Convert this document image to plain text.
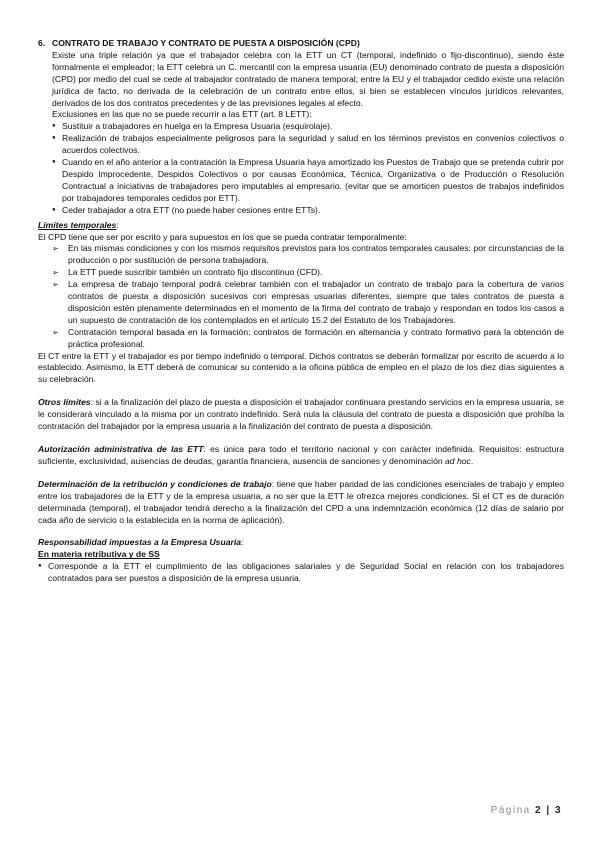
6. CONTRATO DE TRABAJO Y CONTRATO DE PUESTA A DISPOSICIÓN (CPD)
Existe una triple relación ya que el trabajador celebra con la ETT un CT (temporal, indefinido o fijo-discontinuo), siendo éste formalmente el empleador; la ETT celebra un C. mercantil con la empresa usuaria (EU) denominado contrato de puesta a disposición (CPD) por medio del cual se cede al trabajador contratado de manera temporal; entre la EU y el trabajador cedido existe una relación jurídica de facto, no derivada de la celebración de un contrato entre ellos, si bien se establecen vínculos jurídicos relevantes, derivados de los dos contratos precedentes y de las previsiones legales al efecto.
Exclusiones en las que no se puede recurrir a las ETT (art. 8 LETT):
● Sustituir a trabajadores en huelga en la Empresa Usuaria (esquirolaje).
● Realización de trabajos especialmente peligrosos para la seguridad y salud en los términos previstos en convenios colectivos o acuerdos colectivos.
● Cuando en el año anterior a la contratación la Empresa Usuaria haya amortizado los Puestos de Trabajo que se pretenda cubrir por Despido Improcedente, Despidos Colectivos o por causas Económica, Técnica, Organizativa o de Producción o Resolución Contractual a iniciativas de trabajadores pero imputables al empresario. (evitar que se amorticen puestos de trabajos indefinidos por trabajadores temporales cedidos por ETT).
● Ceder trabajador a otra ETT (no puede haber cesiones entre ETTs).
Límites temporales:
El CPD tiene que ser por escrito y para supuestos en los que se pueda contratar temporalmente:
➢ En las mismas condiciones y con los mismos requisitos previstos para los contratos temporales causales: por circunstancias de la producción o por sustitución de persona trabajadora.
➢ La ETT puede suscribir también un contrato fijo discontinuo (CFD).
➢ La empresa de trabajo temporal podrá celebrar también con el trabajador un contrato de trabajo para la cobertura de varios contratos de puesta a disposición sucesivos con empresas usuarias diferentes, siempre que tales contratos de puesta a disposición estén plenamente determinados en el momento de la firma del contrato de trabajo y respondan en todos los casos a un supuesto de contratación de los contemplados en el artículo 15.2 del Estatuto de los Trabajadores.
➢ Contratación temporal basada en la formación: contratos de formación en alternancia y contrato formativo para la obtención de práctica profesional.
El CT entre la ETT y el trabajador es por tiempo indefinido o temporal. Dichos contratos se deberán formalizar por escrito de acuerdo a lo establecido. Asimismo, la ETT deberá de comunicar su contenido a la oficina pública de empleo en el plazo de los diez días siguientes a su celebración.
Otros límites: si a la finalización del plazo de puesta a disposición el trabajador continuara prestando servicios en la empresa usuaria, se le considerará vinculado a la misma por un contrato indefinido. Será nula la cláusula del contrato de puesta a disposición que prohíba la contratación del trabajador por la empresa usuaria a la finalización del contrato de puesta a disposición.
Autorización administrativa de las ETT: es única para todo el territorio nacional y con carácter indefinida. Requisitos: estructura suficiente, exclusividad, ausencias de deudas, garantía financiera, ausencia de sanciones y denominación ad hoc.
Determinación de la retribución y condiciones de trabajo: tiene que haber paridad de las condiciones esenciales de trabajo y empleo entre los trabajadores de la ETT y de la empresa usuaria, a no ser que la ETT le ofrezca mejores condiciones. Si el CT es de duración determinada (temporal), el trabajador tendrá derecho a la finalización del CPD a una indemnización económica (12 días de salario por cada año de servicio o la establecida en la norma de aplicación).
Responsabilidad impuestas a la Empresa Usuaria:
En materia retributiva y de SS
● Corresponde a la ETT el cumplimiento de las obligaciones salariales y de Seguridad Social en relación con los trabajadores contratados para ser puestos a disposición de la empresa usuaria.
Página 2 | 3
